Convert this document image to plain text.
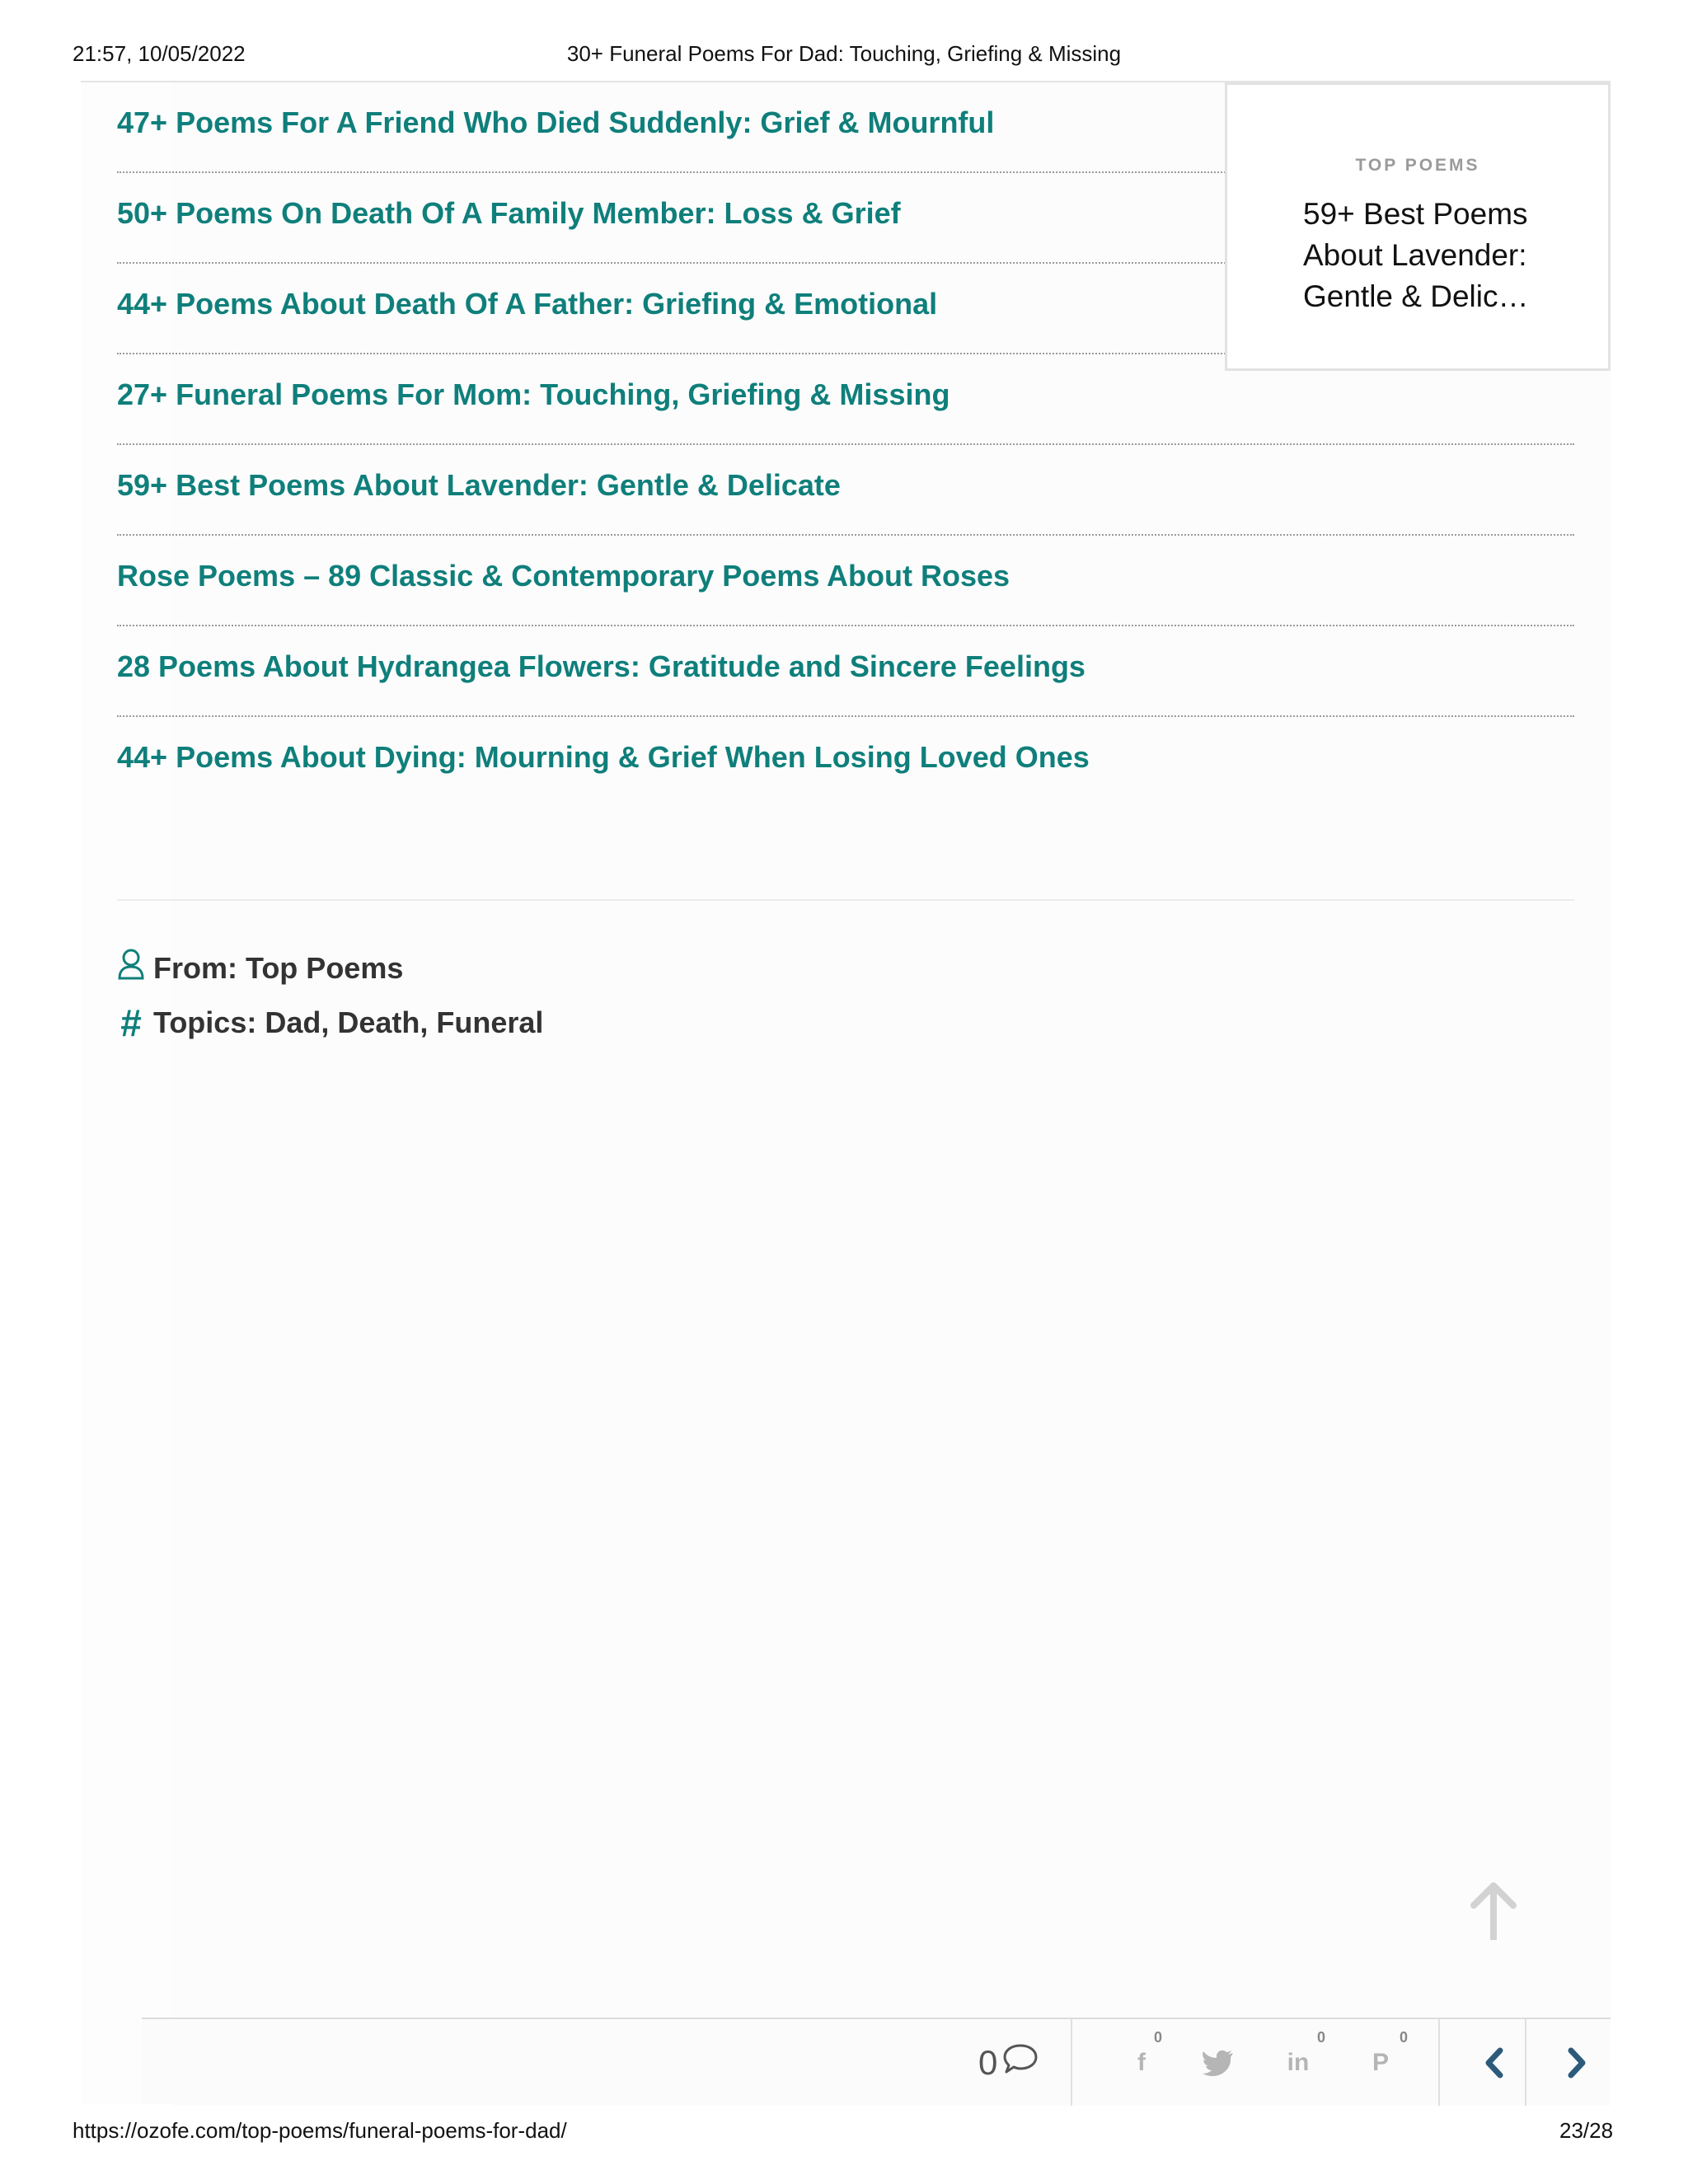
21:57, 10/05/2022	30+ Funeral Poems For Dad: Touching, Griefing & Missing
47+ Poems For A Friend Who Died Suddenly: Grief & Mournful
50+ Poems On Death Of A Family Member: Loss & Grief
44+ Poems About Death Of A Father: Griefing & Emotional
27+ Funeral Poems For Mom: Touching, Griefing & Missing
59+ Best Poems About Lavender: Gentle & Delicate
Rose Poems – 89 Classic & Contemporary Poems About Roses
28 Poems About Hydrangea Flowers: Gratitude and Sincere Feelings
44+ Poems About Dying: Mourning & Grief When Losing Loved Ones
TOP POEMS
59+ Best Poems About Lavender: Gentle & Delic…
From: Top Poems
# Topics: Dad, Death, Funeral
0	f
0
in
0
P
0
https://ozofe.com/top-poems/funeral-poems-for-dad/	23/28
